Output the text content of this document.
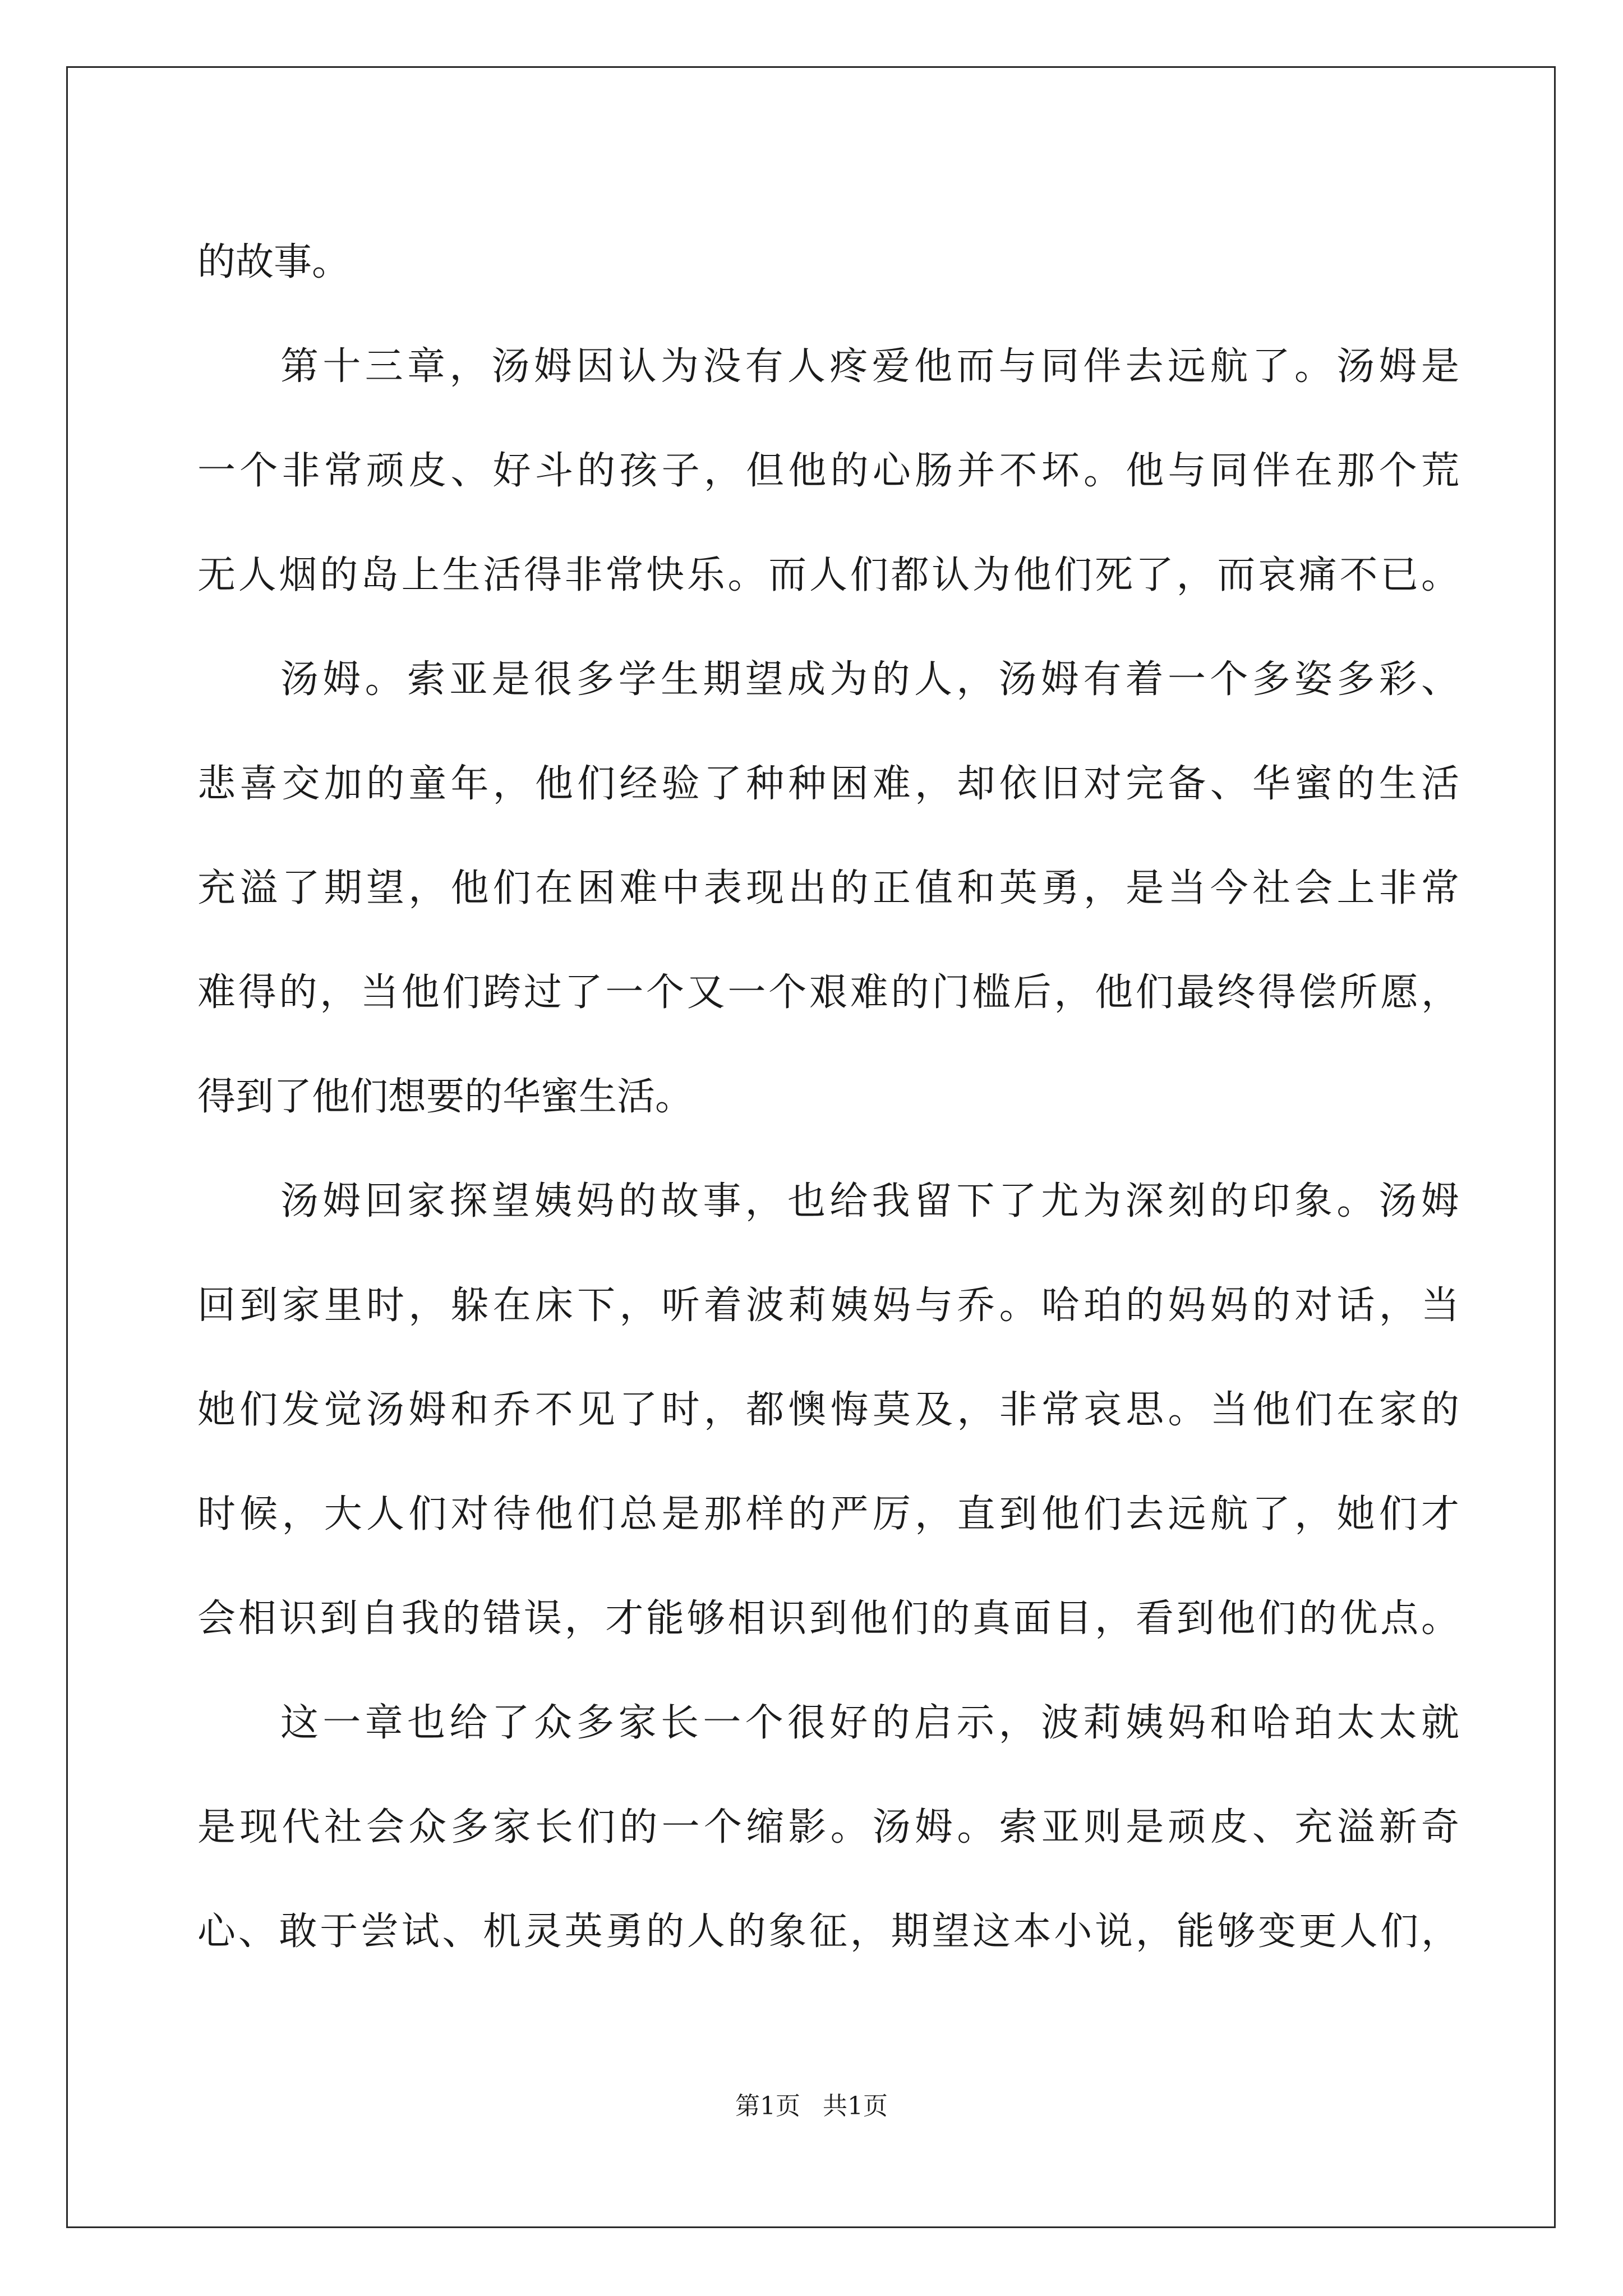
的故事。
第十三章，汤姆因认为没有人疼爱他而与同伴去远航了。汤姆是
一个非常顽皮、好斗的孩子，但他的心肠并不坏。他与同伴在那个荒
无人烟的岛上生活得非常快乐。而人们都认为他们死了，而哀痛不已。
汤姆。索亚是很多学生期望成为的人，汤姆有着一个多姿多彩、
悲喜交加的童年，他们经验了种种困难，却依旧对完备、华蜜的生活
充溢了期望，他们在困难中表现出的正值和英勇，是当今社会上非常
难得的，当他们跨过了一个又一个艰难的门槛后，他们最终得偿所愿，
得到了他们想要的华蜜生活。
汤姆回家探望姨妈的故事，也给我留下了尤为深刻的印象。汤姆
回到家里时，躲在床下，听着波莉姨妈与乔。哈珀的妈妈的对话，当
她们发觉汤姆和乔不见了时，都懊悔莫及，非常哀思。当他们在家的
时候，大人们对待他们总是那样的严厉，直到他们去远航了，她们才
会相识到自我的错误，才能够相识到他们的真面目，看到他们的优点。
这一章也给了众多家长一个很好的启示，波莉姨妈和哈珀太太就
是现代社会众多家长们的一个缩影。汤姆。索亚则是顽皮、充溢新奇
心、敢于尝试、机灵英勇的人的象征，期望这本小说，能够变更人们，
第1页 共1页
